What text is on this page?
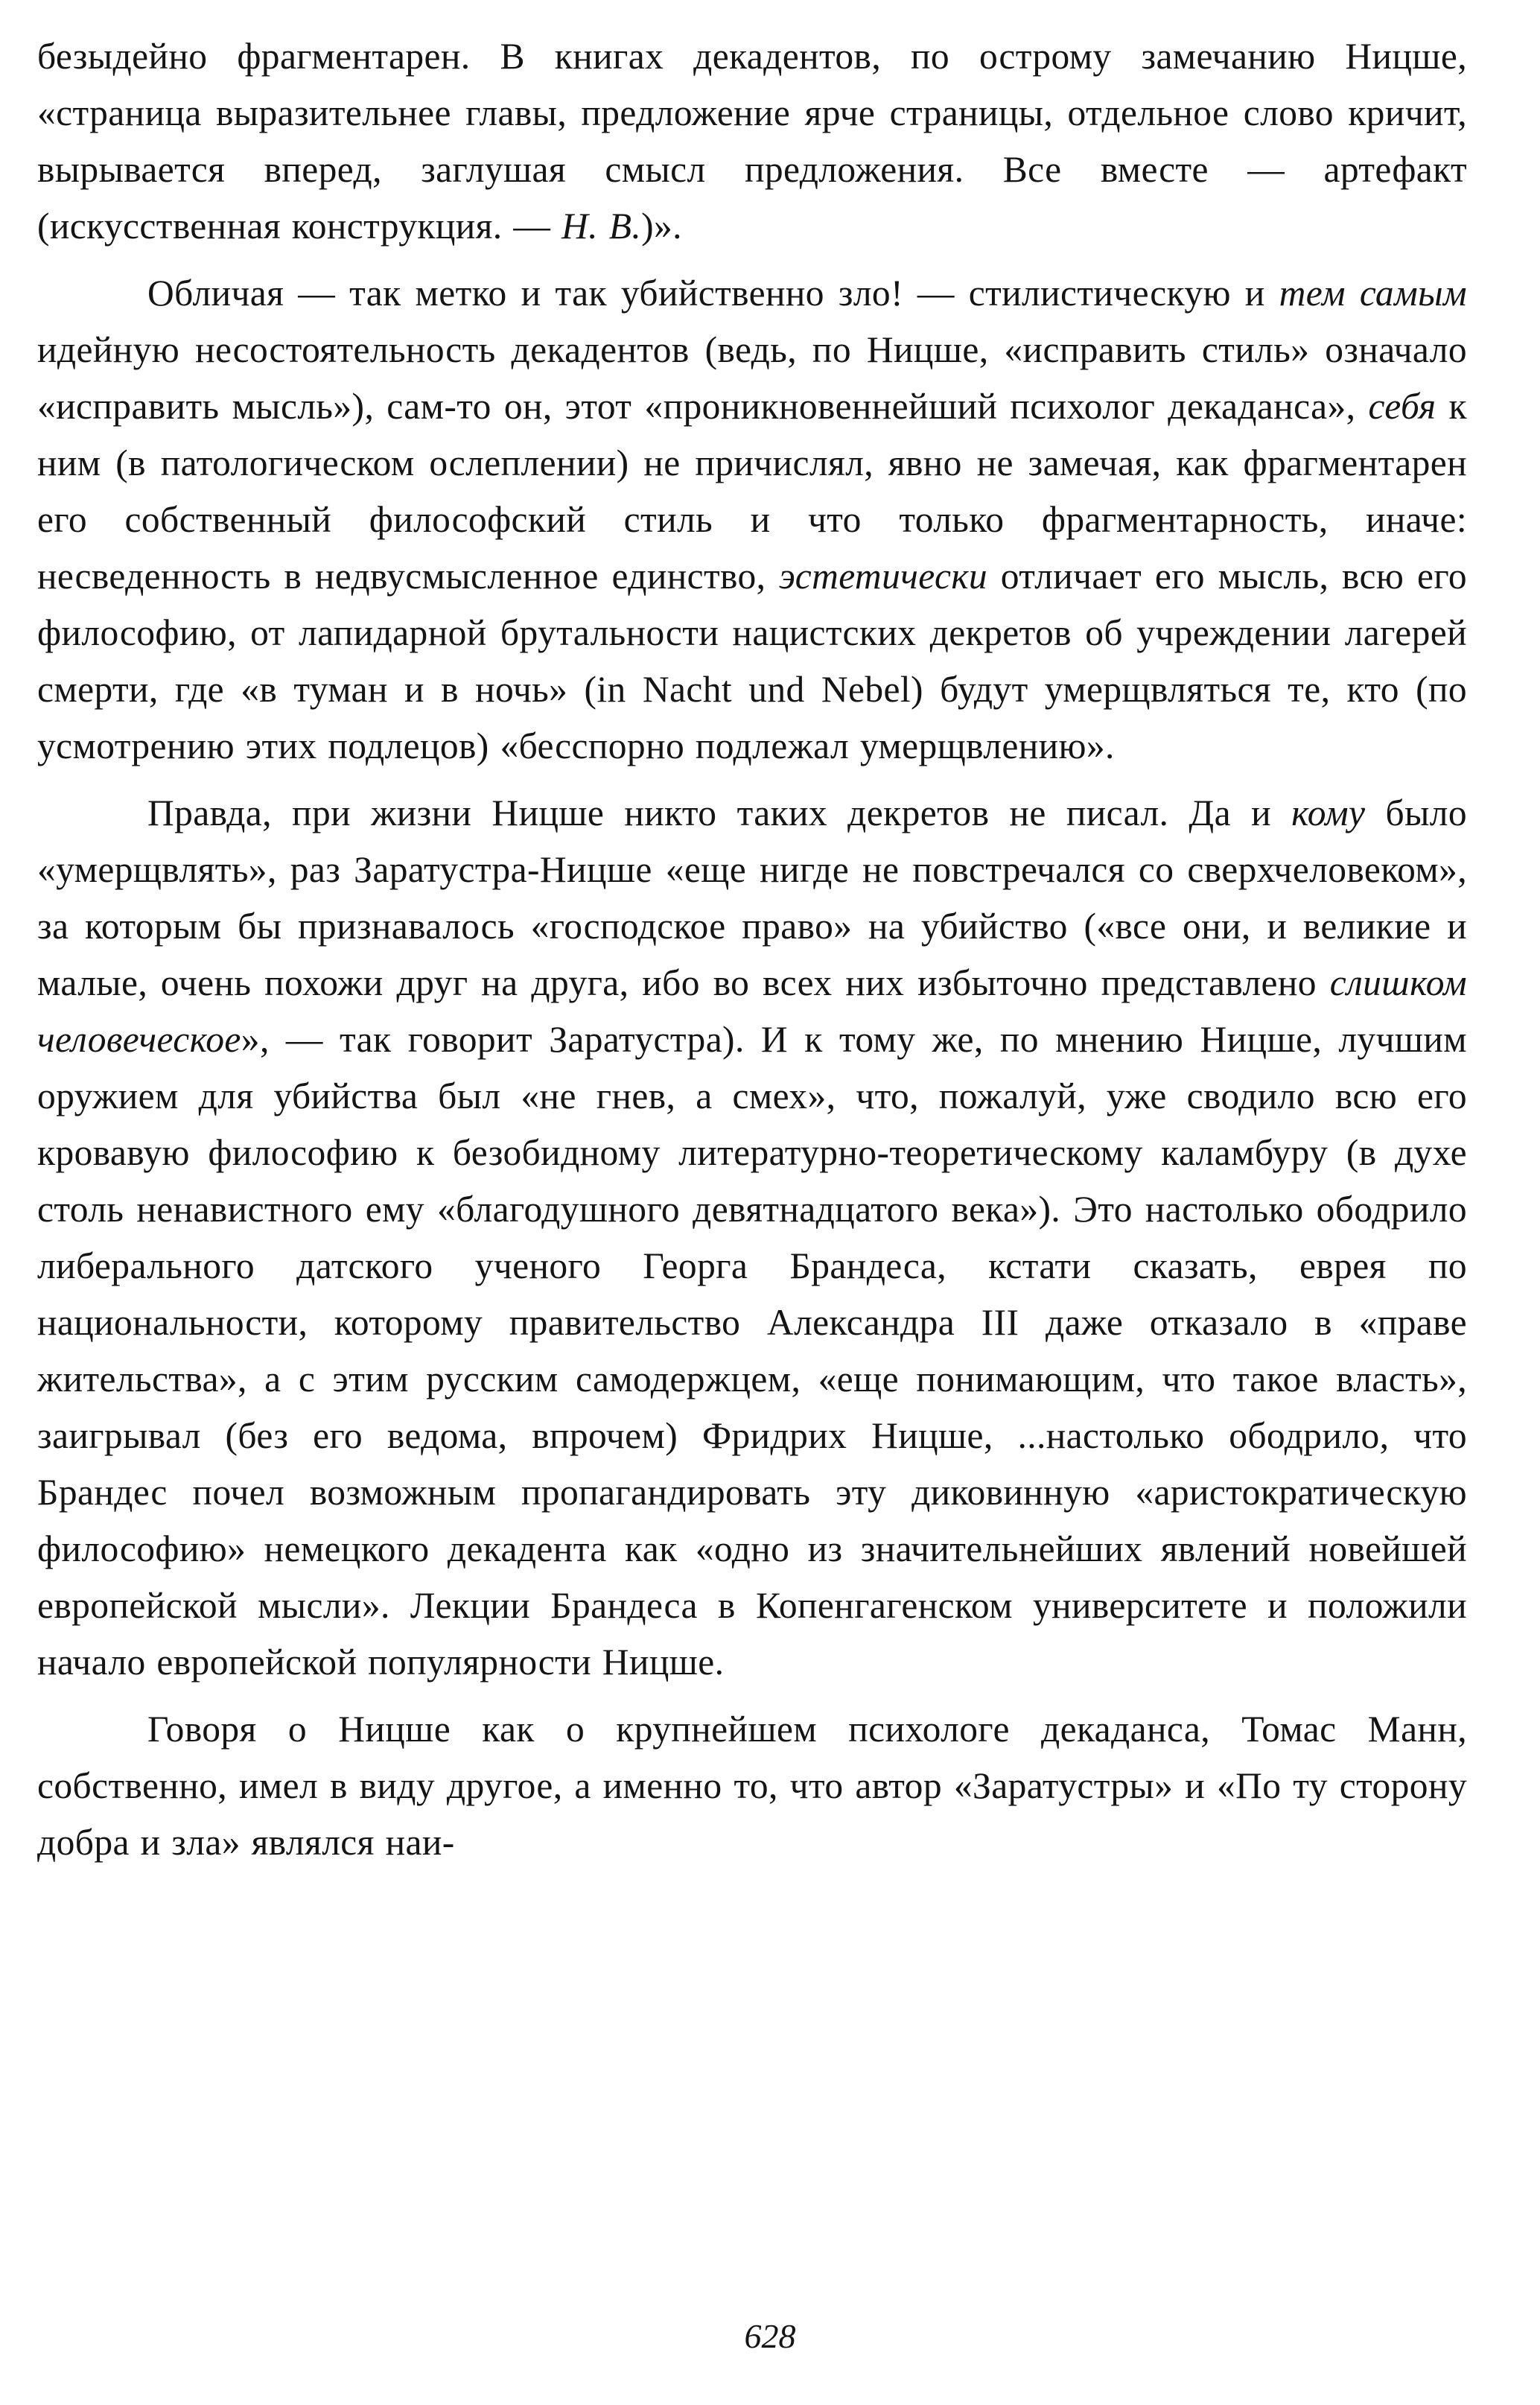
безыдейно фрагментарен. В книгах декадентов, по острому замечанию Ницше, «страница выразительнее главы, предложение ярче страницы, отдельное слово кричит, вырывается вперед, заглушая смысл предложения. Все вместе — артефакт (искусственная конструкция. — Н. В.)».

Обличая — так метко и так убийственно зло! — стилистическую и тем самым идейную несостоятельность декадентов (ведь, по Ницше, «исправить стиль» означало «исправить мысль»), сам-то он, этот «проникновеннейший психолог декаданса», себя к ним (в патологическом ослеплении) не причислял, явно не замечая, как фрагментарен его собственный философский стиль и что только фрагментарность, иначе: несведенность в недвусмысленное единство, эстетически отличает его мысль, всю его философию, от лапидарной брутальности нацистских декретов об учреждении лагерей смерти, где «в туман и в ночь» (in Nacht und Nebel) будут умерщвляться те, кто (по усмотрению этих подлецов) «бесспорно подлежал умерщвлению».

Правда, при жизни Ницше никто таких декретов не писал. Да и кому было «умерщвлять», раз Заратустра-Ницше «еще нигде не повстречался со сверхчеловеком», за которым бы признавалось «господское право» на убийство («все они, и великие и малые, очень похожи друг на друга, ибо во всех них избыточно представлено слишком человеческое», — так говорит Заратустра). И к тому же, по мнению Ницше, лучшим оружием для убийства был «не гнев, а смех», что, пожалуй, уже сводило всю его кровавую философию к безобидному литературно-теоретическому каламбуру (в духе столь ненавистного ему «благодушного девятнадцатого века»). Это настолько ободрило либерального датского ученого Георга Брандеса, кстати сказать, еврея по национальности, которому правительство Александра III даже отказало в «праве жительства», а с этим русским самодержцем, «еще понимающим, что такое власть», заигрывал (без его ведома, впрочем) Фридрих Ницше, ...настолько ободрило, что Брандес почел возможным пропагандировать эту диковинную «аристократическую философию» немецкого декадента как «одно из значительнейших явлений новейшей европейской мысли». Лекции Брандеса в Копенгагенском университете и положили начало европейской популярности Ницше.

Говоря о Ницше как о крупнейшем психологе декаданса, Томас Манн, собственно, имел в виду другое, а именно то, что автор «Заратустры» и «По ту сторону добра и зла» являлся наи-

628
